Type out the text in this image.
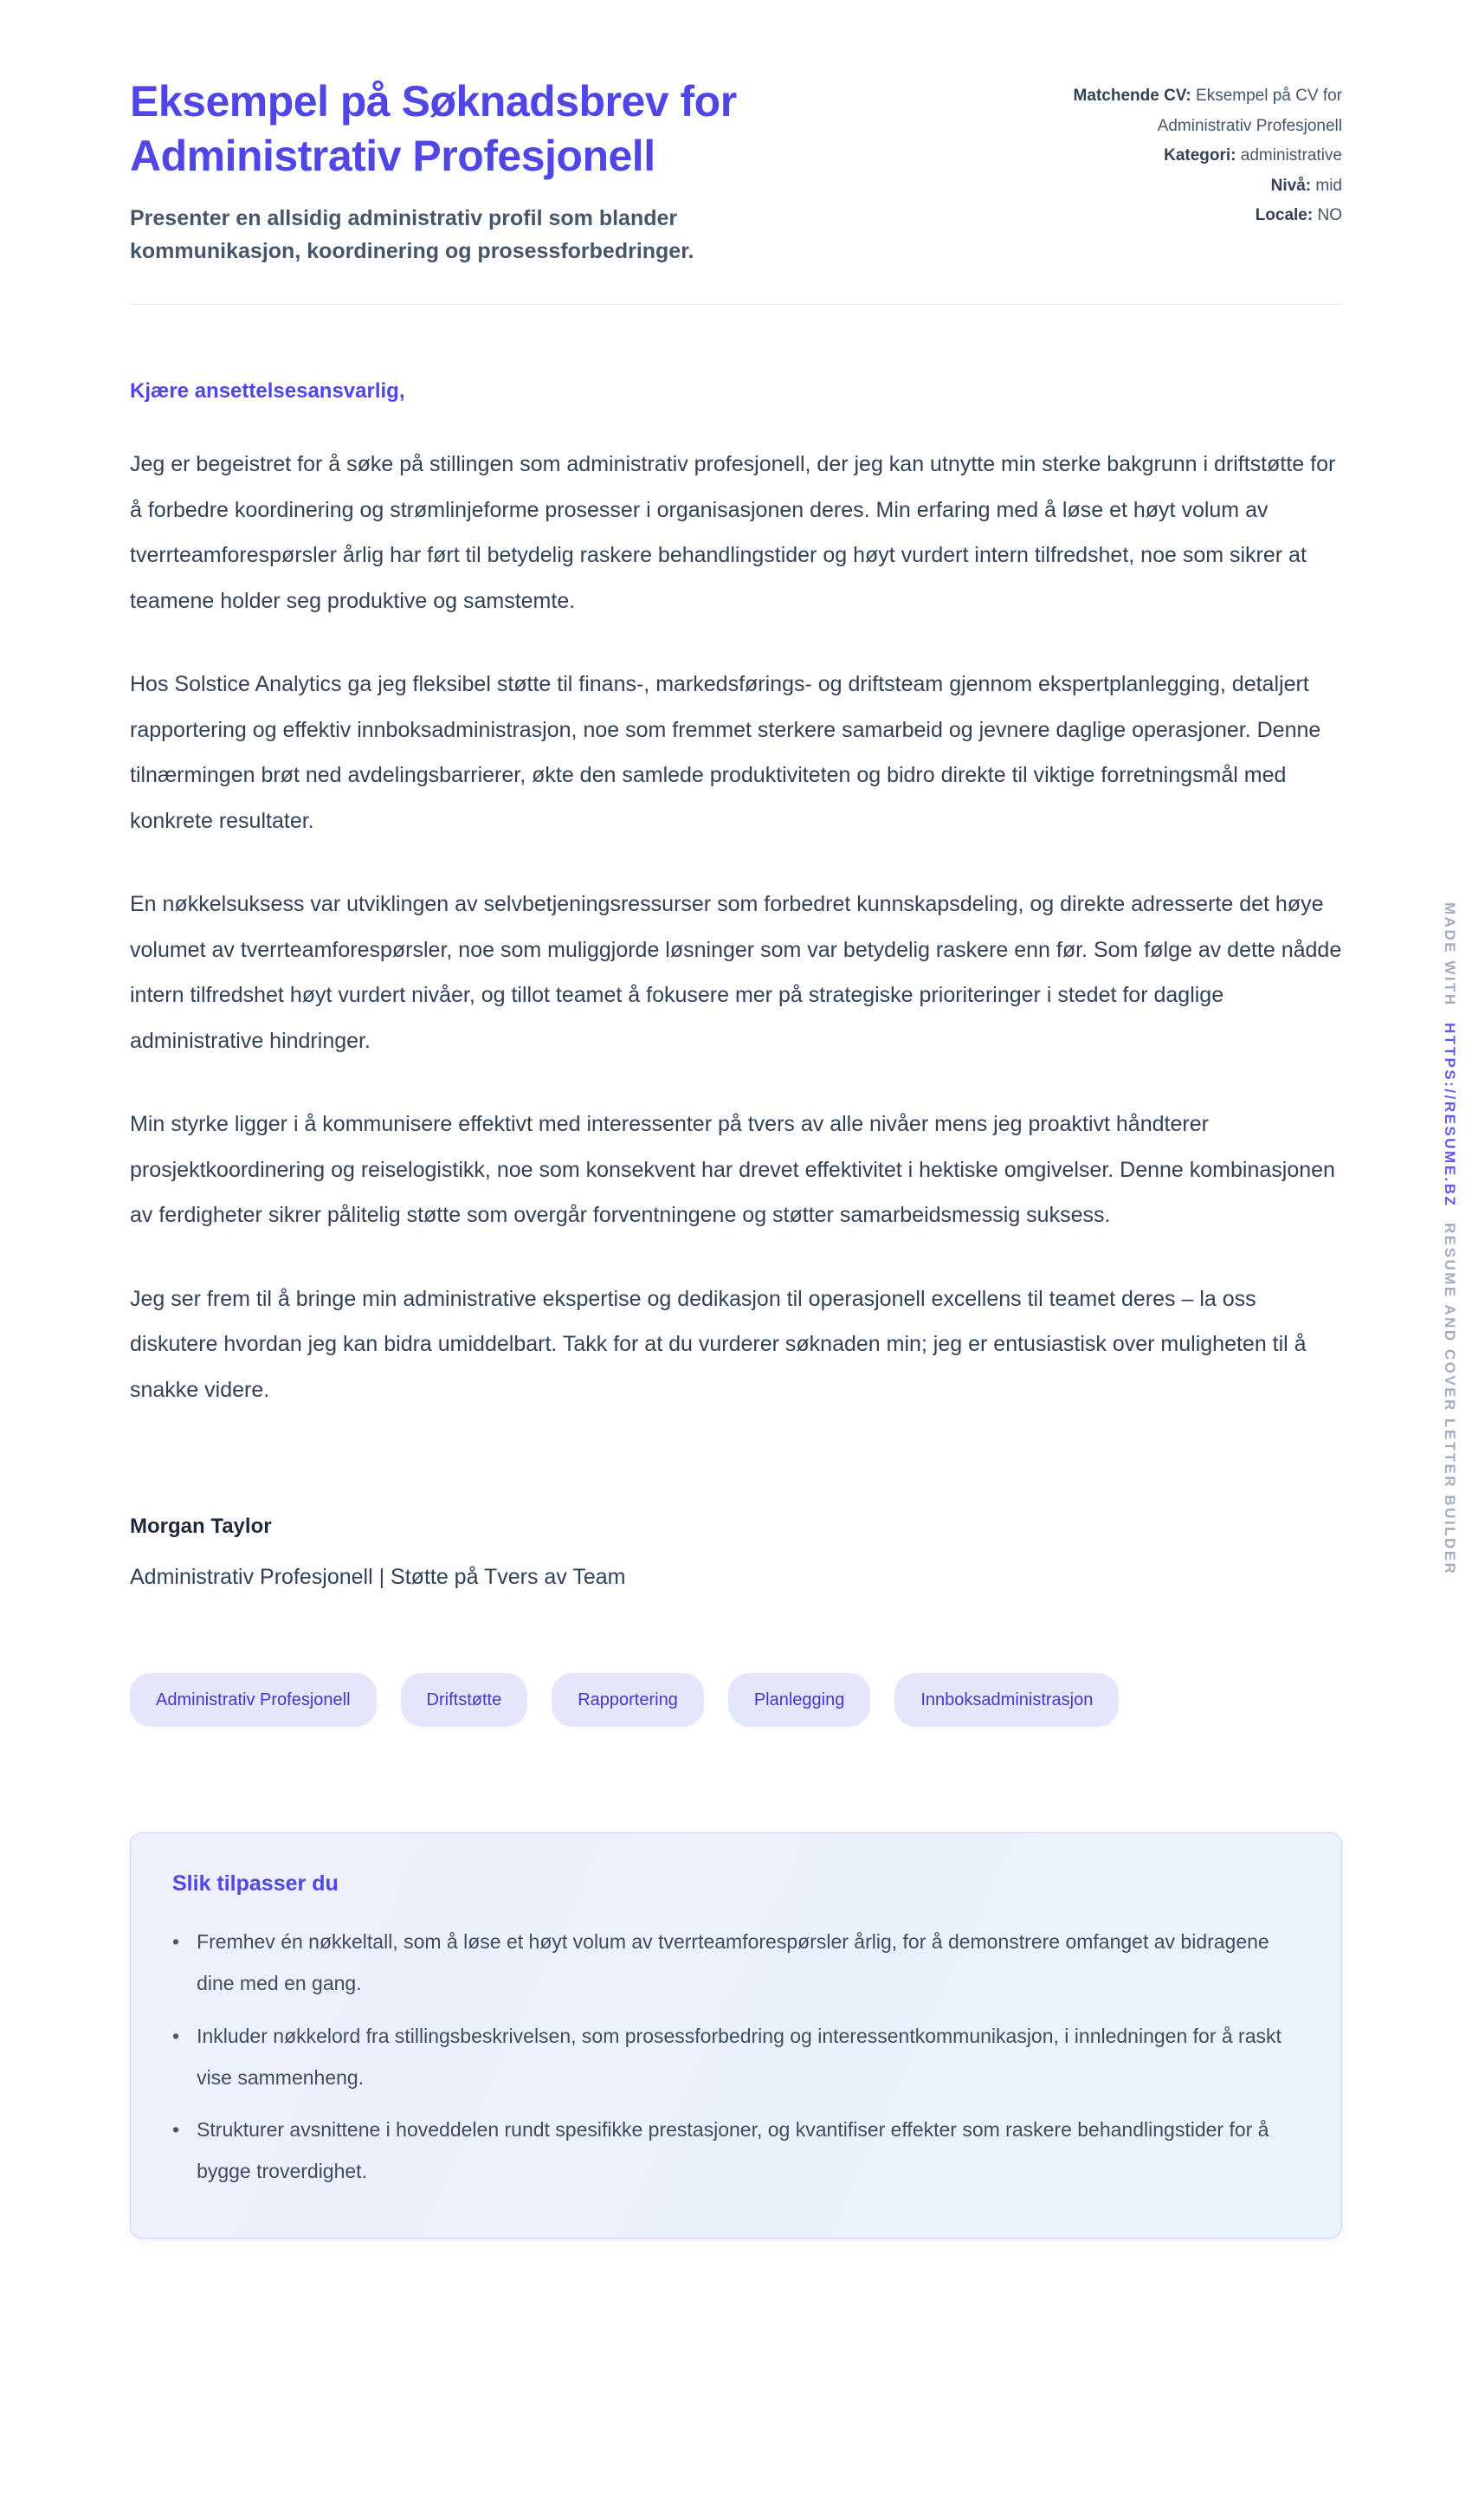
Eksempel på Søknadsbrev for Administrativ Profesjonell
Presenter en allsidig administrativ profil som blander kommunikasjon, koordinering og prosessforbedringer.
Matchende CV: Eksempel på CV for Administrativ Profesjonell
Kategori: administrative
Nivå: mid
Locale: NO
Kjære ansettelsesansvarlig,

Jeg er begeistret for å søke på stillingen som administrativ profesjonell, der jeg kan utnytte min sterke bakgrunn i driftstøtte for å forbedre koordinering og strømlinjeforme prosesser i organisasjonen deres. Min erfaring med å løse et høyt volum av tverrteamforespørsler årlig har ført til betydelig raskere behandlingstider og høyt vurdert intern tilfredshet, noe som sikrer at teamene holder seg produktive og samstemte.

Hos Solstice Analytics ga jeg fleksibel støtte til finans-, markedsførings- og driftsteam gjennom ekspertplanlegging, detaljert rapportering og effektiv innboksadministrasjon, noe som fremmet sterkere samarbeid og jevnere daglige operasjoner. Denne tilnærmingen brøt ned avdelingsbarrierer, økte den samlede produktiviteten og bidro direkte til viktige forretningsmål med konkrete resultater.

En nøkkelsuksess var utviklingen av selvbetjeningsressurser som forbedret kunnskapsdeling, og direkte adresserte det høye volumet av tverrteamforespørsler, noe som muliggjorde løsninger som var betydelig raskere enn før. Som følge av dette nådde intern tilfredshet høyt vurdert nivåer, og tillot teamet å fokusere mer på strategiske prioriteringer i stedet for daglige administrative hindringer.

Min styrke ligger i å kommunisere effektivt med interessenter på tvers av alle nivåer mens jeg proaktivt håndterer prosjektkoordinering og reiselogistikk, noe som konsekvent har drevet effektivitet i hektiske omgivelser. Denne kombinasjonen av ferdigheter sikrer pålitelig støtte som overgår forventningene og støtter samarbeidsmessig suksess.

Jeg ser frem til å bringe min administrative ekspertise og dedikasjon til operasjonell excellens til teamet deres – la oss diskutere hvordan jeg kan bidra umiddelbart. Takk for at du vurderer søknaden min; jeg er entusiastisk over muligheten til å snakke videre.

Morgan Taylor
Administrativ Profesjonell | Støtte på Tvers av Team
Administrativ Profesjonell	Driftstøtte	Rapportering	Planlegging	Innboksadministrasjon
Slik tilpasser du
• Fremhev én nøkkeltall, som å løse et høyt volum av tverrteamforespørsler årlig, for å demonstrere omfanget av bidragene dine med en gang.
• Inkluder nøkkelord fra stillingsbeskrivelsen, som prosessforbedring og interessentkommunikasjon, i innledningen for å raskt vise sammenheng.
• Strukturer avsnittene i hoveddelen rundt spesifikke prestasjoner, og kvantifiser effekter som raskere behandlingstider for å bygge troverdighet.
MADE WITH
HTTPS://RESUME.BZ
RESUME AND COVER LETTER BUILDER
